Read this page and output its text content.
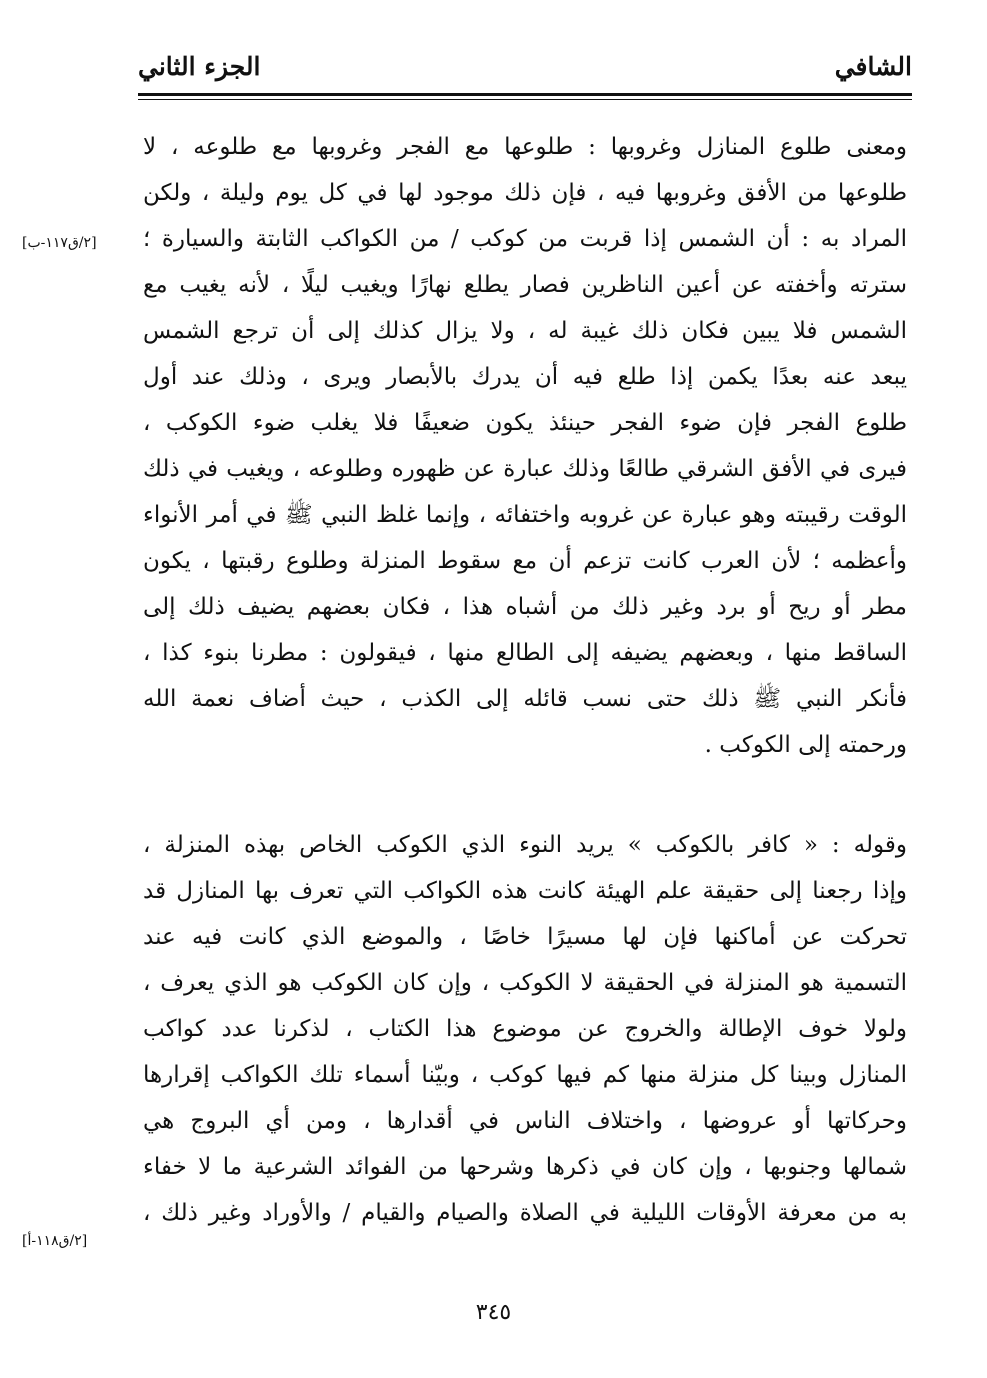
الشافي
الجزء الثاني
ومعنى طلوع المنازل وغروبها : طلوعها مع الفجر وغروبها مع طلوعه ، لا
طلوعها من الأفق وغروبها فيه ، فإن ذلك موجود لها في كل يوم وليلة ، ولكن
المراد به : أن الشمس إذا قربت من كوكب / من الكواكب الثابتة والسيارة ؛
سترته وأخفته عن أعين الناظرين فصار يطلع نهارًا ويغيب ليلًا ، لأنه يغيب مع
الشمس فلا يبين فكان ذلك غيبة له ، ولا يزال كذلك إلى أن ترجع الشمس
يبعد عنه بعدًا يكمن إذا طلع فيه أن يدرك بالأبصار ويرى ، وذلك عند أول
طلوع الفجر فإن ضوء الفجر حينئذ يكون ضعيفًا فلا يغلب ضوء الكوكب ،
فيرى في الأفق الشرقي طالعًا وذلك عبارة عن ظهوره وطلوعه ، ويغيب في ذلك
الوقت رقيبته وهو عبارة عن غروبه واختفائه ، وإنما غلظ النبي ﷺ في أمر الأنواء
وأعظمه ؛ لأن العرب كانت تزعم أن مع سقوط المنزلة وطلوع رقبتها ، يكون
مطر أو ريح أو برد وغير ذلك من أشباه هذا ، فكان بعضهم يضيف ذلك إلى
الساقط منها ، وبعضهم يضيفه إلى الطالع منها ، فيقولون : مطرنا بنوء كذا ،
فأنكر النبي ﷺ ذلك حتى نسب قائله إلى الكذب ، حيث أضاف نعمة الله
ورحمته إلى الكوكب .
وقوله : « كافر بالكوكب » يريد النوء الذي الكوكب الخاص بهذه المنزلة ،
وإذا رجعنا إلى حقيقة علم الهيئة كانت هذه الكواكب التي تعرف بها المنازل قد
تحركت عن أماكنها فإن لها مسيرًا خاصًا ، والموضع الذي كانت فيه عند
التسمية هو المنزلة في الحقيقة لا الكوكب ، وإن كان الكوكب هو الذي يعرف ،
ولولا خوف الإطالة والخروج عن موضوع هذا الكتاب ، لذكرنا عدد كواكب
المنازل وبينا كل منزلة منها كم فيها كوكب ، وبيّنا أسماء تلك الكواكب إقرارها
وحركاتها أو عروضها ، واختلاف الناس في أقدارها ، ومن أي البروج هي
شمالها وجنوبها ، وإن كان في ذكرها وشرحها من الفوائد الشرعية ما لا خفاء
به من معرفة الأوقات الليلية في الصلاة والصيام والقيام / والأوراد وغير ذلك ،
[٢/ق١١٧-ب]
[٢/ق١١٨-أ]
٣٤٥
